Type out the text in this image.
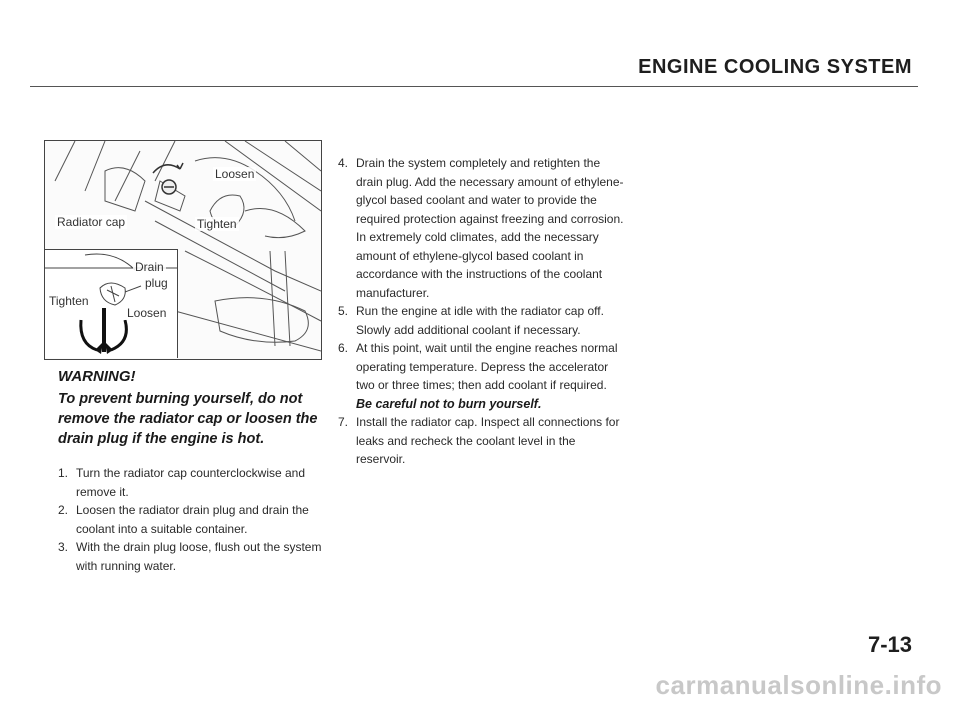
ENGINE COOLING SYSTEM
Loosen
Radiator cap	Tighten
Drain
plug
Tighten
Loosen

WARNING!

To prevent burning yourself, do not remove the radiator cap or loosen the drain plug if the engine is hot.

1. Turn the radiator cap counterclockwise and remove it.
2. Loosen the radiator drain plug and drain the coolant into a suitable container.
3. With the drain plug loose, flush out the system with running water.
4. Drain the system completely and retighten the drain plug. Add the necessary amount of ethylene-glycol based coolant and water to provide the required protection against freezing and corrosion.
In extremely cold climates, add the necessary amount of ethylene-glycol based coolant in accordance with the instructions of the coolant manufacturer.
5. Run the engine at idle with the radiator cap off. Slowly add additional coolant if necessary.
6. At this point, wait until the engine reaches normal operating temperature. Depress the accelerator two or three times; then add coolant if required.
Be careful not to burn yourself.
7. Install the radiator cap. Inspect all connections for leaks and recheck the coolant level in the reservoir.
7-13
carmanualsonline.info
